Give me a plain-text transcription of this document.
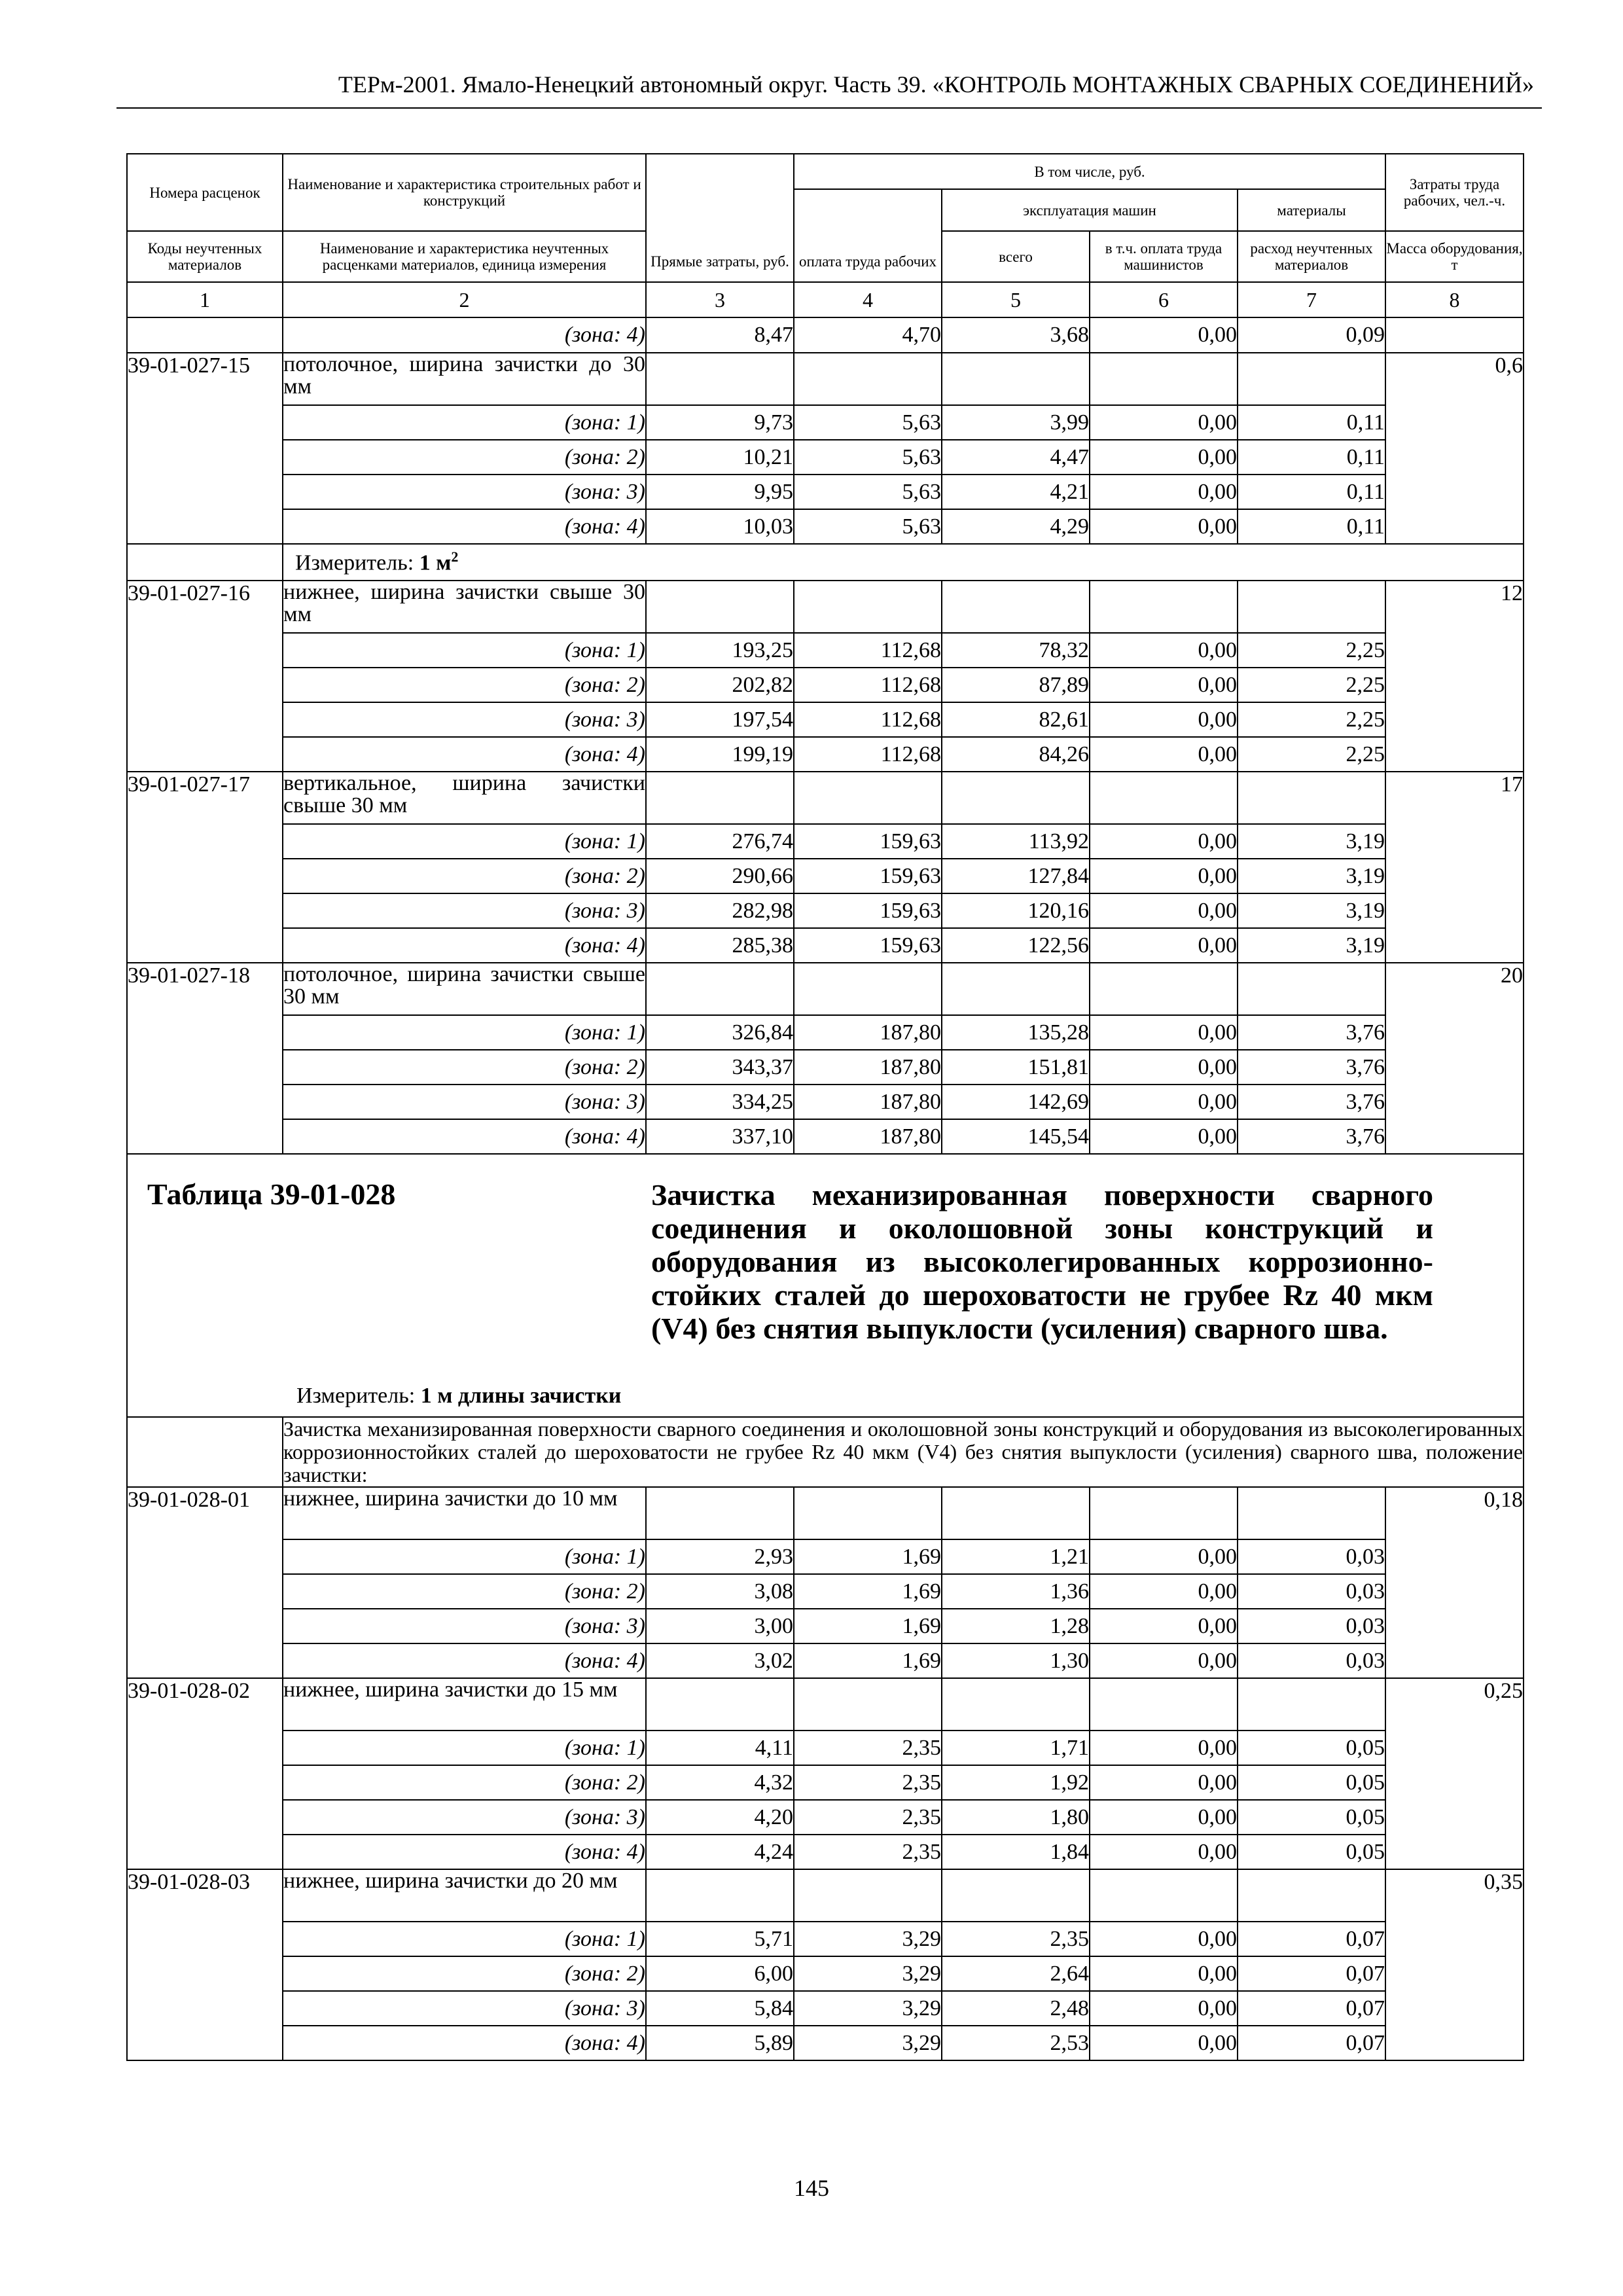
ТЕРм-2001. Ямало-Ненецкий автономный округ. Часть 39. «КОНТРОЛЬ МОНТАЖНЫХ СВАРНЫХ СОЕДИНЕНИЙ»
Номера расценок	Наименование и характеристика строительных работ и конструкций	Прямые затраты, руб.	В том числе, руб.				Затраты труда рабочих, чел.-ч.
			оплата труда рабочих	эксплуатация машин		материалы	
Коды неучтенных материалов	Наименование и характеристика неучтенных расценками материалов, единица измерения			всего	в т.ч. оплата труда машинистов	расход неучтенных материалов	Масса оборудования, т
1	2	3	4	5	6	7	8
	(зона: 4)	8,47	4,70	3,68	0,00	0,09	
39-01-027-15	потолочное, ширина зачистки до 30 мм						0,6
	(зона: 1)	9,73	5,63	3,99	0,00	0,11	
	(зона: 2)	10,21	5,63	4,47	0,00	0,11	
	(зона: 3)	9,95	5,63	4,21	0,00	0,11	
	(зона: 4)	10,03	5,63	4,29	0,00	0,11	
	Измеритель: 1 $м^2$
39-01-027-16	нижнее, ширина зачистки свыше 30 мм						12
	(зона: 1)	193,25	112,68	78,32	0,00	2,25	
	(зона: 2)	202,82	112,68	87,89	0,00	2,25	
	(зона: 3)	197,54	112,68	82,61	0,00	2,25	
	(зона: 4)	199,19	112,68	84,26	0,00	2,25	
39-01-027-17	вертикальное, ширина зачистки свыше 30 мм						17
	(зона: 1)	276,74	159,63	113,92	0,00	3,19	
	(зона: 2)	290,66	159,63	127,84	0,00	3,19	
	(зона: 3)	282,98	159,63	120,16	0,00	3,19	
	(зона: 4)	285,38	159,63	122,56	0,00	3,19	
39-01-027-18	потолочное, ширина зачистки свыше 30 мм						20
	(зона: 1)	326,84	187,80	135,28	0,00	3,76	
	(зона: 2)	343,37	187,80	151,81	0,00	3,76	
	(зона: 3)	334,25	187,80	142,69	0,00	3,76	
	(зона: 4)	337,10	187,80	145,54	0,00	3,76	

Таблица 39-01-028 Зачистка механизированная поверхности сварного соединения и околошовной зоны конструкций и оборудования из высоколегированных коррозионно-стойких сталей до шероховатости не грубее Rz 40 мкм (V4) без снятия выпуклости (усиления) сварного шва.
Измеритель: 1 м длины зачистки							

	Зачистка механизированная поверхности сварного соединения и околошовной зоны конструкций и оборудования из высоколегированных коррозионностойких сталей до шероховатости не грубее Rz 40 мкм (V4) без снятия выпуклости (усиления) сварного шва, положение зачистки:						
39-01-028-01	нижнее, ширина зачистки до 10 мм						0,18
	(зона: 1)	2,93	1,69	1,21	0,00	0,03	
	(зона: 2)	3,08	1,69	1,36	0,00	0,03	
	(зона: 3)	3,00	1,69	1,28	0,00	0,03	
	(зона: 4)	3,02	1,69	1,30	0,00	0,03	
39-01-028-02	нижнее, ширина зачистки до 15 мм						0,25
	(зона: 1)	4,11	2,35	1,71	0,00	0,05	
	(зона: 2)	4,32	2,35	1,92	0,00	0,05	
	(зона: 3)	4,20	2,35	1,80	0,00	0,05	
	(зона: 4)	4,24	2,35	1,84	0,00	0,05	
39-01-028-03	нижнее, ширина зачистки до 20 мм						0,35
	(зона: 1)	5,71	3,29	2,35	0,00	0,07	
	(зона: 2)	6,00	3,29	2,64	0,00	0,07	
	(зона: 3)	5,84	3,29	2,48	0,00	0,07	
	(зона: 4)	5,89	3,29	2,53	0,00	0,07	
145
